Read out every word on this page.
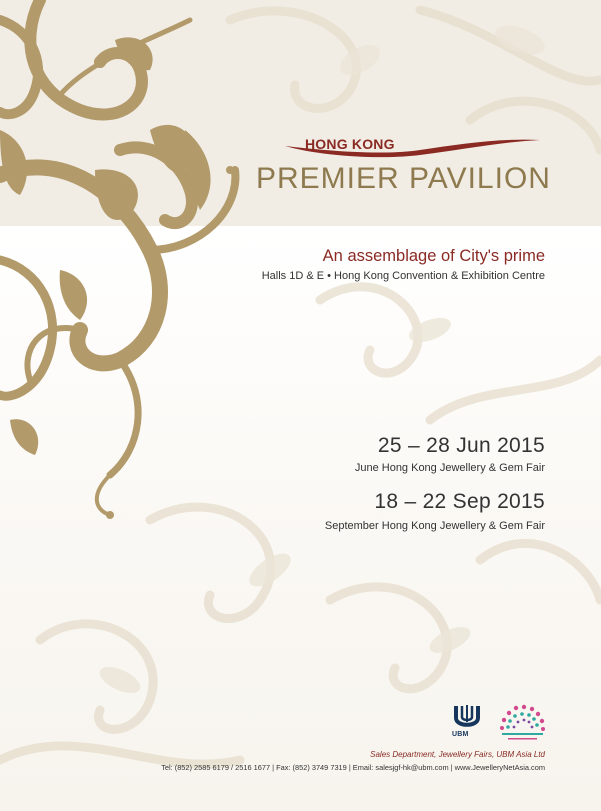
HONG KONG
PREMIER PAVILION
An assemblage of City's prime
Halls 1D & E • Hong Kong Convention & Exhibition Centre
25 – 28 Jun 2015
June Hong Kong Jewellery & Gem Fair
18 – 22 Sep 2015
September Hong Kong Jewellery & Gem Fair
UBM
Sales Department, Jewellery Fairs, UBM Asia Ltd
Tel: (852) 2585 6179 / 2516 1677 | Fax: (852) 3749 7319 | Email: salesjgf-hk@ubm.com | www.JewelleryNetAsia.com
